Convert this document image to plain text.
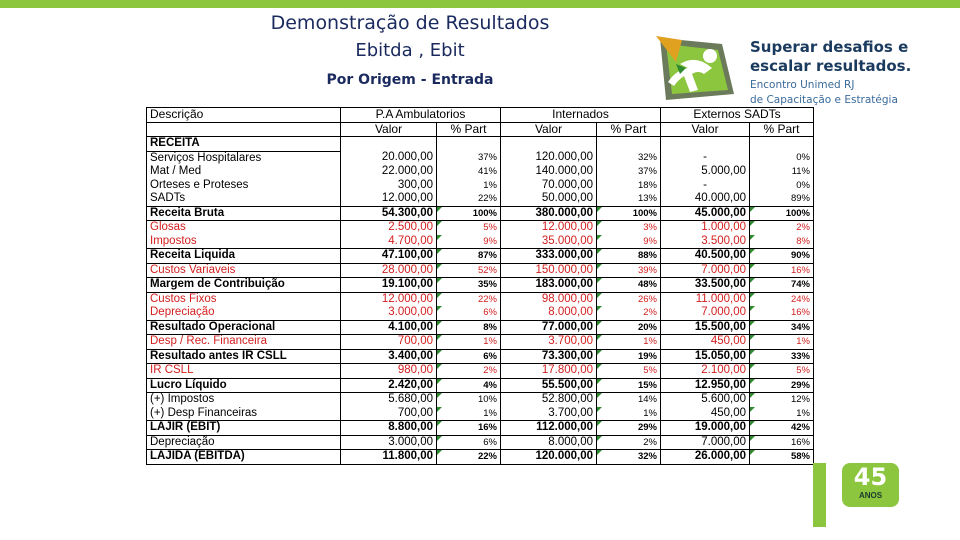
Demonstração de Resultados
Ebitda , Ebit
Por Origem - Entrada
Superar desafios e
escalar resultados.
Encontro Unimed RJ
de Capacitação e Estratégia
Descrição	P.A Ambulatorios		Internados		Externos SADTs	
	Valor	% Part	Valor	% Part	Valor	% Part
RECEITA						
Serviços Hospitalares	20.000,00	37%	120.000,00	32%	-	0%
Mat / Med	22.000,00	41%	140.000,00	37%	5.000,00	11%
Orteses e Proteses	300,00	1%	70.000,00	18%	-	0%
SADTs	12.000,00	22%	50.000,00	13%	40.000,00	89%
Receita Bruta	54.300,00	100%	380.000,00	100%	45.000,00	100%
Glosas	2.500,00	5%	12.000,00	3%	1.000,00	2%
Impostos	4.700,00	9%	35.000,00	9%	3.500,00	8%
Receita Liquida	47.100,00	87%	333.000,00	88%	40.500,00	90%
Custos Variaveis	28.000,00	52%	150.000,00	39%	7.000,00	16%
Margem de Contribuição	19.100,00	35%	183.000,00	48%	33.500,00	74%
Custos Fixos	12.000,00	22%	98.000,00	26%	11.000,00	24%
Depreciação	3.000,00	6%	8.000,00	2%	7.000,00	16%
Resultado Operacional	4.100,00	8%	77.000,00	20%	15.500,00	34%
Desp / Rec. Financeira	700,00	1%	3.700,00	1%	450,00	1%
Resultado antes IR CSLL	3.400,00	6%	73.300,00	19%	15.050,00	33%
IR CSLL	980,00	2%	17.800,00	5%	2.100,00	5%
Lucro Líquido	2.420,00	4%	55.500,00	15%	12.950,00	29%
(+) Impostos	5.680,00	10%	52.800,00	14%	5.600,00	12%
(+) Desp Financeiras	700,00	1%	3.700,00	1%	450,00	1%
LAJIR (EBIT)	8.800,00	16%	112.000,00	29%	19.000,00	42%
Depreciação	3.000,00	6%	8.000,00	2%	7.000,00	16%
LAJIDA (EBITDA)	11.800,00	22%	120.000,00	32%	26.000,00	58%
45
ANOS
